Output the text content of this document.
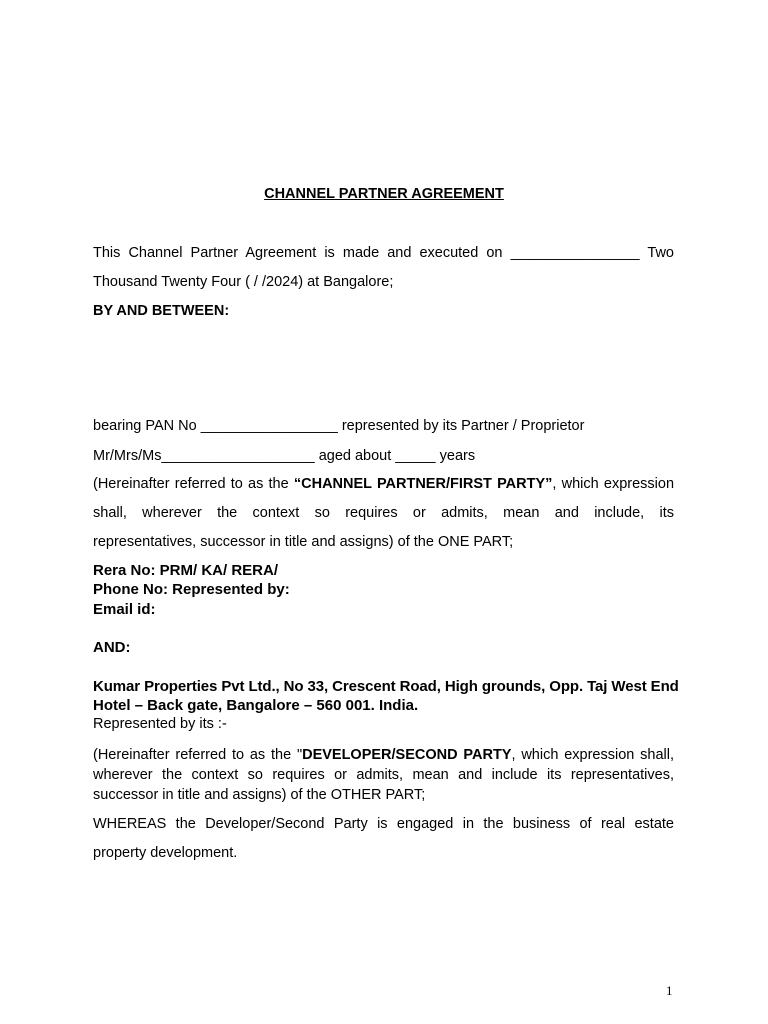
CHANNEL PARTNER AGREEMENT
This Channel Partner Agreement is made and executed on ________________ Two
Thousand Twenty Four ( / /2024) at Bangalore;
BY AND BETWEEN:
bearing PAN No _________________ represented by its Partner / Proprietor
Mr/Mrs/Ms___________________ aged about _____ years
(Hereinafter referred to as the “CHANNEL PARTNER/FIRST PARTY”, which expression
shall, wherever the context so requires or admits, mean and include, its
representatives, successor in title and assigns) of the ONE PART;
Rera No: PRM/ KA/ RERA/
Phone No: Represented by:
Email id:
AND:
Kumar Properties Pvt Ltd., No 33, Crescent Road, High grounds, Opp. Taj West End
Hotel – Back gate, Bangalore – 560 001. India.
Represented by its :-
(Hereinafter referred to as the "DEVELOPER/SECOND PARTY, which expression shall, wherever the context so requires or admits, mean and include its representatives, successor in title and assigns) of the OTHER PART;
WHEREAS the Developer/Second Party is engaged in the business of real estate
property development.
1
